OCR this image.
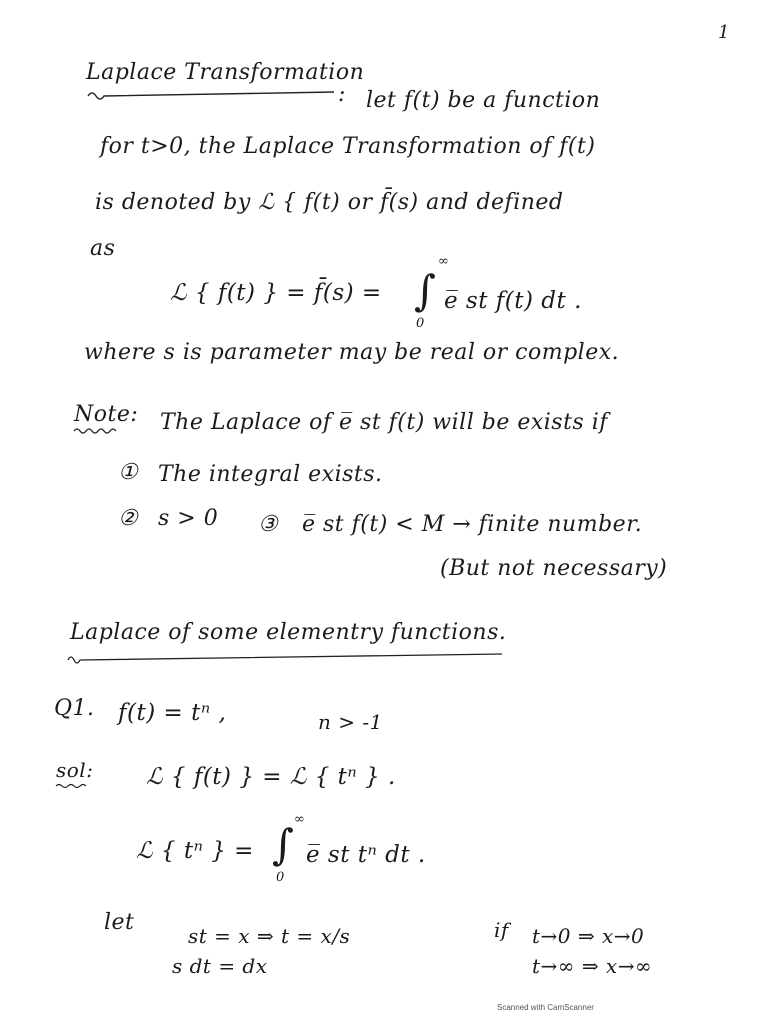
1
Laplace Transformation
: let f(t) be a function
for t>0, the Laplace Transformation of f(t)
is denoted by ℒ { f(t) or f̄(s) and defined
as
ℒ { f(t) } = f̄(s) = ∫
∞
0
e̅ st f(t) dt .
where s is parameter may be real or complex.
Note: The Laplace of e̅ st f(t) will be exists if
① The integral exists.
② s > 0 ③ e̅ st f(t) < M → finite number.
(But not necessary)
Laplace of some elementry functions.
Q1. f(t) = tⁿ ,	n > -1
sol: ℒ { f(t) } = ℒ { tⁿ } .
ℒ { tⁿ } = ∫
∞
0
e̅ st tⁿ dt .
let
st = x ⇒ t = x/s
s dt = dx
if t→0 ⇒ x→0
t→∞ ⇒ x→∞
Scanned with CamScanner
